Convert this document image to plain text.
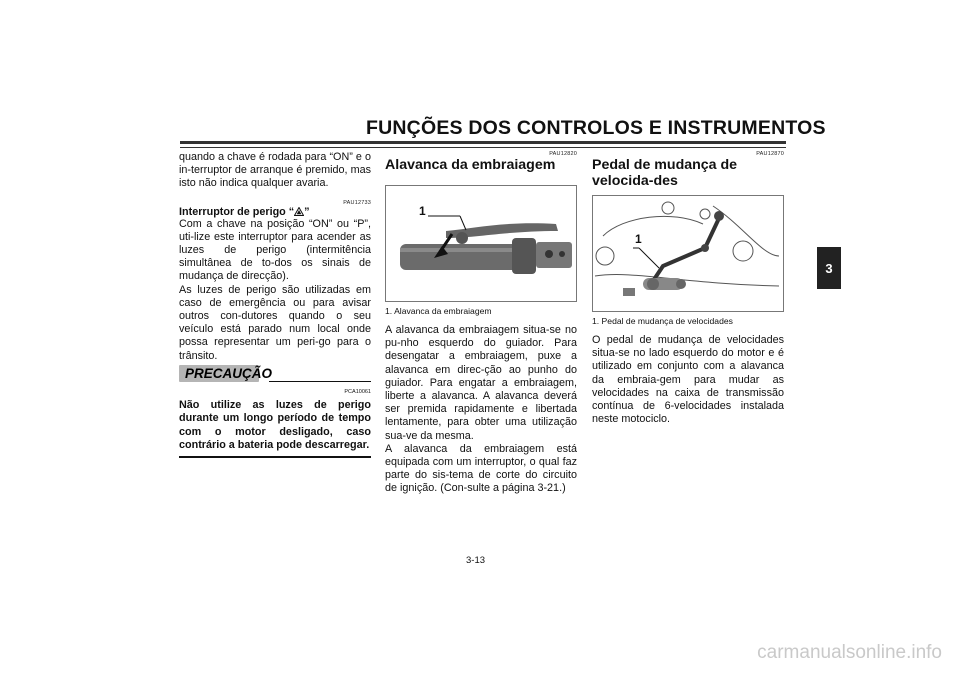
FUNÇÕES DOS CONTROLOS E INSTRUMENTOS
3

quando a chave é rodada para “ON” e o in-terruptor de arranque é premido, mas isto não indica qualquer avaria.

PAU12733
Interruptor de perigo “ ”

Com a chave na posição “ON” ou “P”, uti-lize este interruptor para acender as luzes de perigo (intermitência simultânea de to-dos os sinais de mudança de direcção).

As luzes de perigo são utilizadas em caso de emergência ou para avisar outros con-dutores quando o seu veículo está parado num local onde possa representar um peri-go para o trânsito.

PRECAUÇÃO
PCA10061

Não utilize as luzes de perigo durante um longo período de tempo com o motor desligado, caso contrário a bateria pode descarregar.

PAU12820
Alavanca da embraiagem
1
1. Alavanca da embraiagem

A alavanca da embraiagem situa-se no pu-nho esquerdo do guiador. Para desengatar a embraiagem, puxe a alavanca em direc-ção ao punho do guiador. Para engatar a embraiagem, liberte a alavanca. A alavanca deverá ser premida rapidamente e libertada lentamente, para obter uma utilização sua-ve da mesma.

A alavanca da embraiagem está equipada com um interruptor, o qual faz parte do sis-tema de corte do circuito de ignição. (Con-sulte a página 3-21.)

PAU12870
Pedal de mudança de velocida-des
1
1. Pedal de mudança de velocidades

O pedal de mudança de velocidades situa-se no lado esquerdo do motor e é utilizado em conjunto com a alavanca da embraia-gem para mudar as velocidades na caixa de transmissão contínua de 6-velocidades instalada neste motociclo.

3-13
carmanualsonline.info
